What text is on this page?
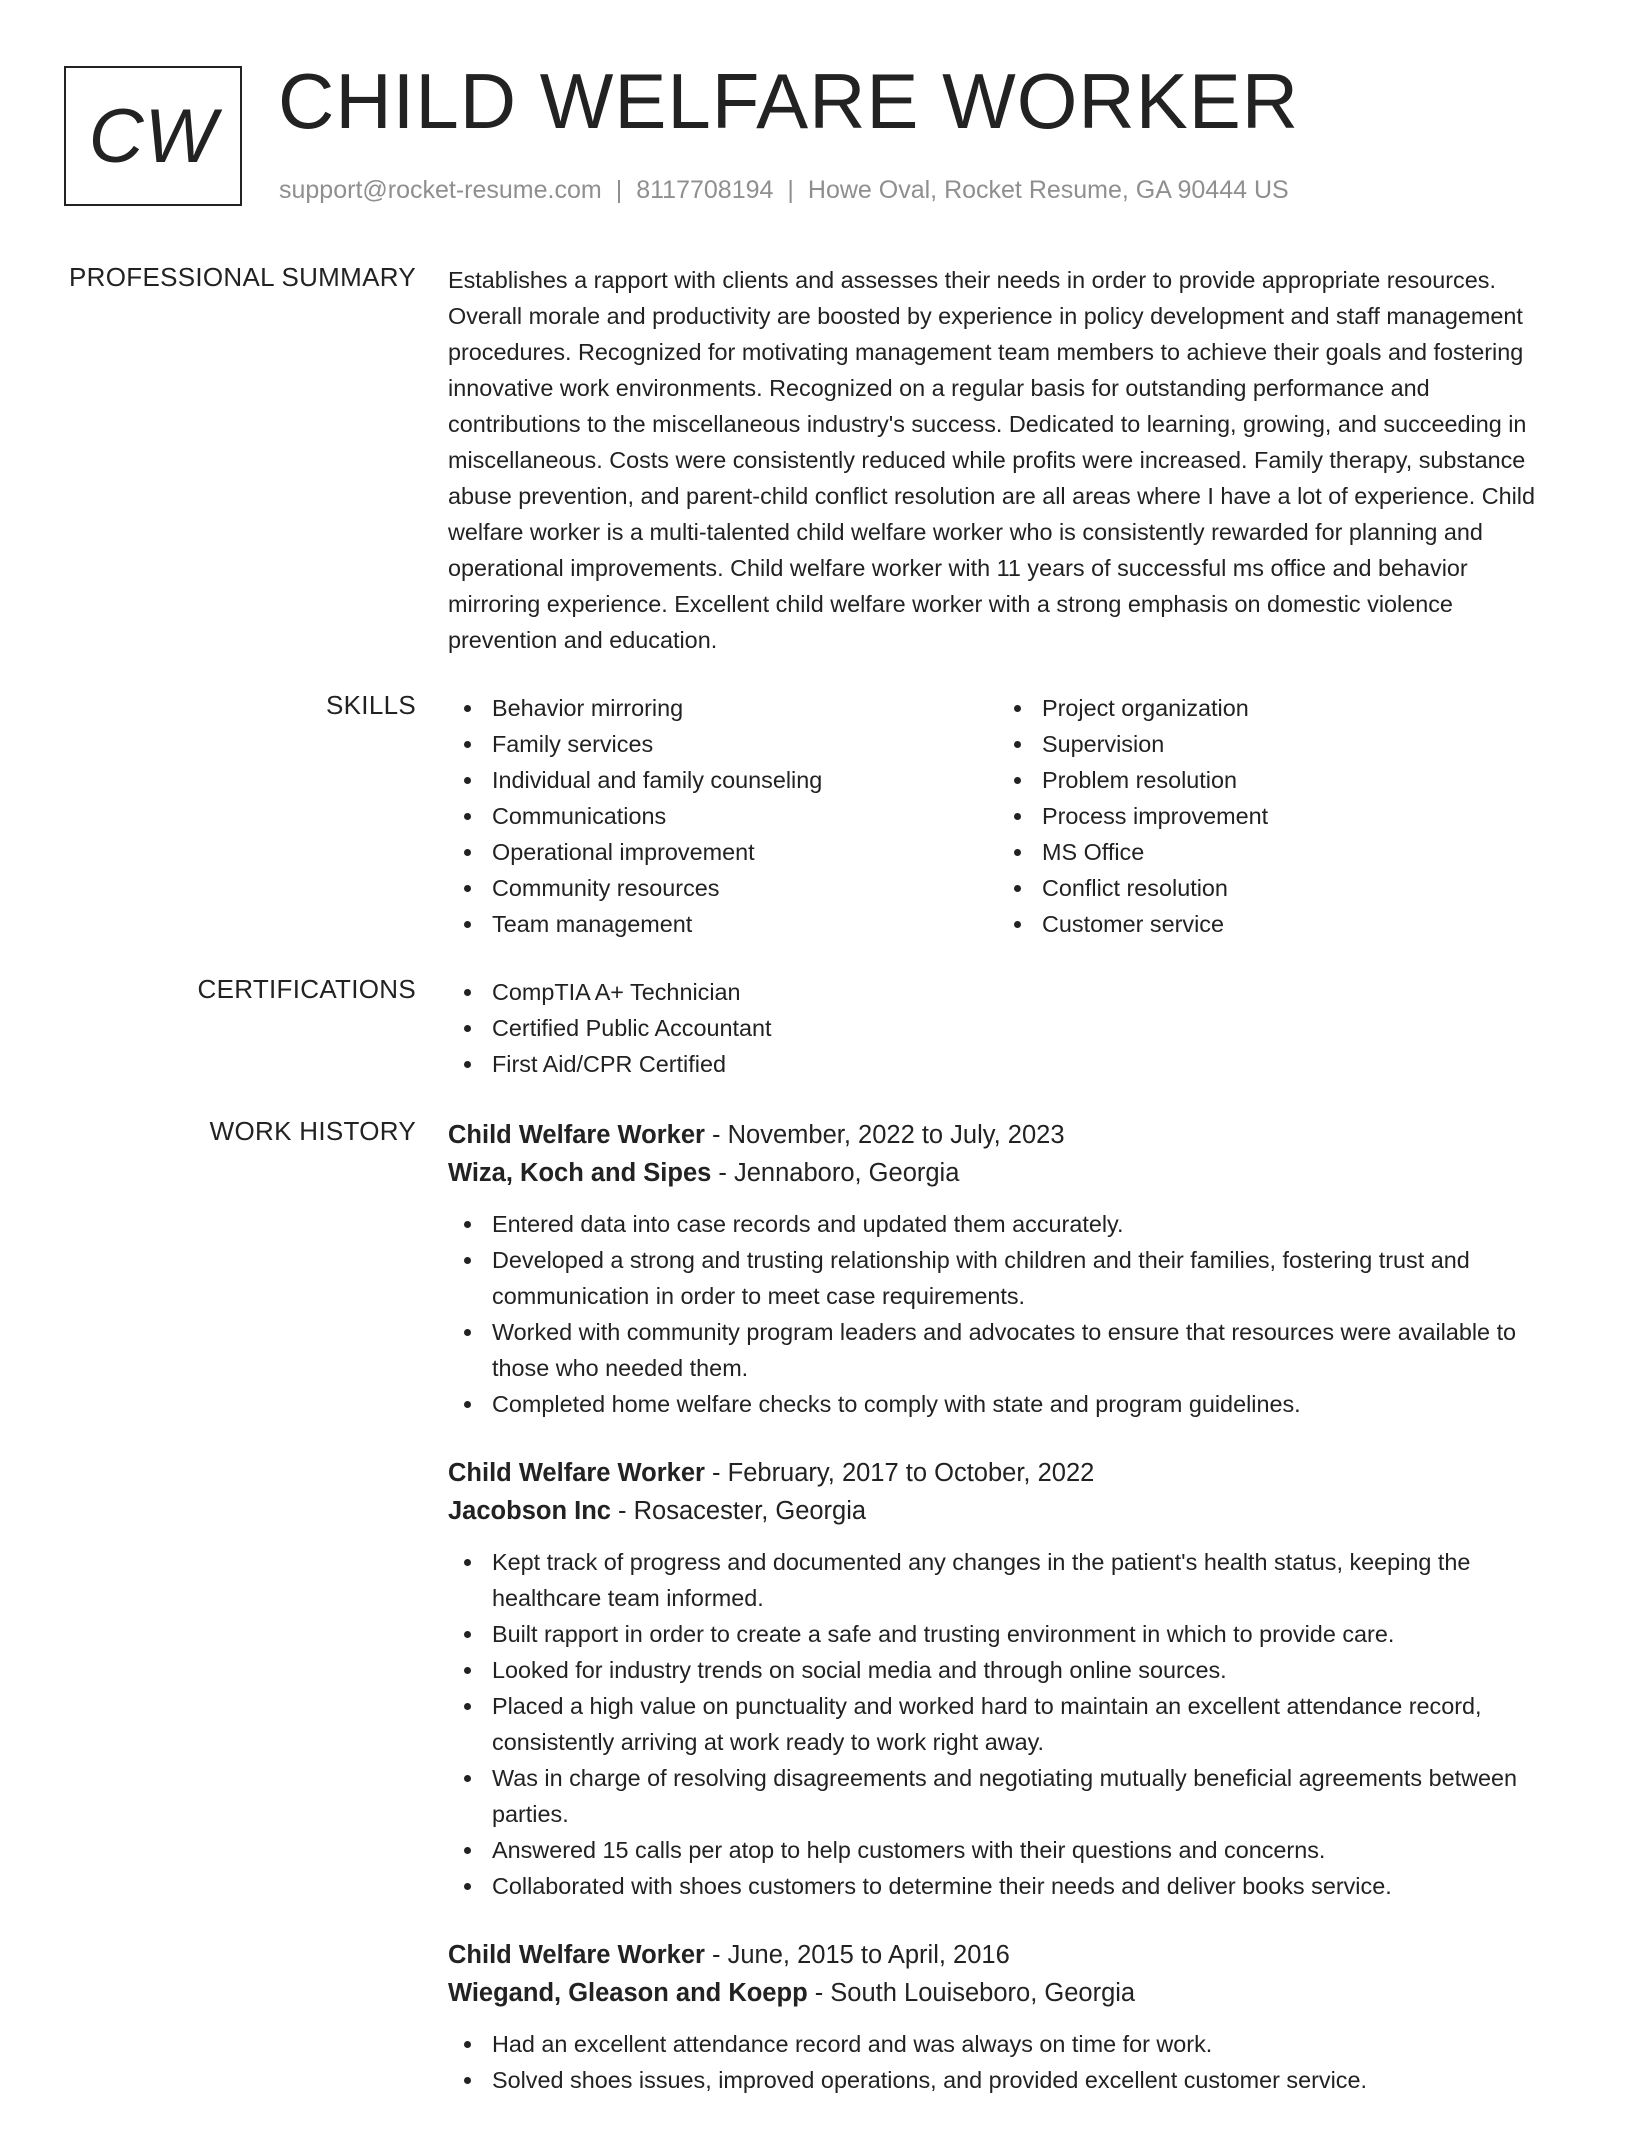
CW CHILD WELFARE WORKER
support@rocket-resume.com | 8117708194 | Howe Oval, Rocket Resume, GA 90444 US
PROFESSIONAL SUMMARY Establishes a rapport with clients and assesses their needs in order to provide appropriate resources. Overall morale and productivity are boosted by experience in policy development and staff management procedures. Recognized for motivating management team members to achieve their goals and fostering innovative work environments. Recognized on a regular basis for outstanding performance and contributions to the miscellaneous industry's success. Dedicated to learning, growing, and succeeding in miscellaneous. Costs were consistently reduced while profits were increased. Family therapy, substance abuse prevention, and parent-child conflict resolution are all areas where I have a lot of experience. Child welfare worker is a multi-talented child welfare worker who is consistently rewarded for planning and operational improvements. Child welfare worker with 11 years of successful ms office and behavior mirroring experience. Excellent child welfare worker with a strong emphasis on domestic violence prevention and education.

SKILLS	Behavior mirroring
Family services
Individual and family counseling
Communications
Operational improvement
Community resources
Team management
Project organization
Supervision
Problem resolution
Process improvement
MS Office
Conflict resolution
Customer service
CERTIFICATIONS	CompTIA A+ Technician
Certified Public Accountant
First Aid/CPR Certified
WORK HISTORY Child Welfare Worker - November, 2022 to July, 2023
Wiza, Koch and Sipes - Jennaboro, Georgia
Entered data into case records and updated them accurately.
Developed a strong and trusting relationship with children and their families, fostering trust and communication in order to meet case requirements.
Worked with community program leaders and advocates to ensure that resources were available to those who needed them.
Completed home welfare checks to comply with state and program guidelines.
Child Welfare Worker - February, 2017 to October, 2022
Jacobson Inc - Rosacester, Georgia
Kept track of progress and documented any changes in the patient's health status, keeping the healthcare team informed.
Built rapport in order to create a safe and trusting environment in which to provide care.
Looked for industry trends on social media and through online sources.
Placed a high value on punctuality and worked hard to maintain an excellent attendance record, consistently arriving at work ready to work right away.
Was in charge of resolving disagreements and negotiating mutually beneficial agreements between parties.
Answered 15 calls per atop to help customers with their questions and concerns.
Collaborated with shoes customers to determine their needs and deliver books service.
Child Welfare Worker - June, 2015 to April, 2016
Wiegand, Gleason and Koepp - South Louiseboro, Georgia
Had an excellent attendance record and was always on time for work.
Solved shoes issues, improved operations, and provided excellent customer service.
